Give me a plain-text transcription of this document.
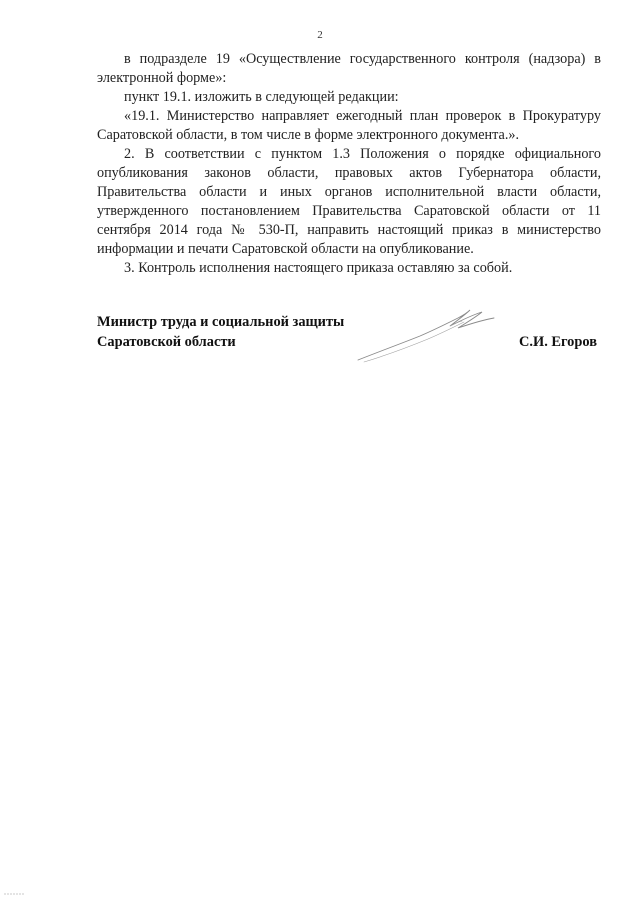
2

в подразделе 19 «Осуществление государственного контроля (надзора) в электронной форме»:

пункт 19.1. изложить в следующей редакции:

«19.1. Министерство направляет ежегодный план проверок в Прокуратуру Саратовской области, в том числе в форме электронного документа.».

2. В соответствии с пунктом 1.3 Положения о порядке официального опубликования законов области, правовых актов Губернатора области, Правительства области и иных органов исполнительной власти области, утвержденного постановлением Правительства Саратовской области от 11 сентября 2014 года № 530-П, направить настоящий приказ в министерство информации и печати Саратовской области на опубликование.

3. Контроль исполнения настоящего приказа оставляю за собой.

Министр труда и социальной защиты
Саратовской области	С.И. Егоров
